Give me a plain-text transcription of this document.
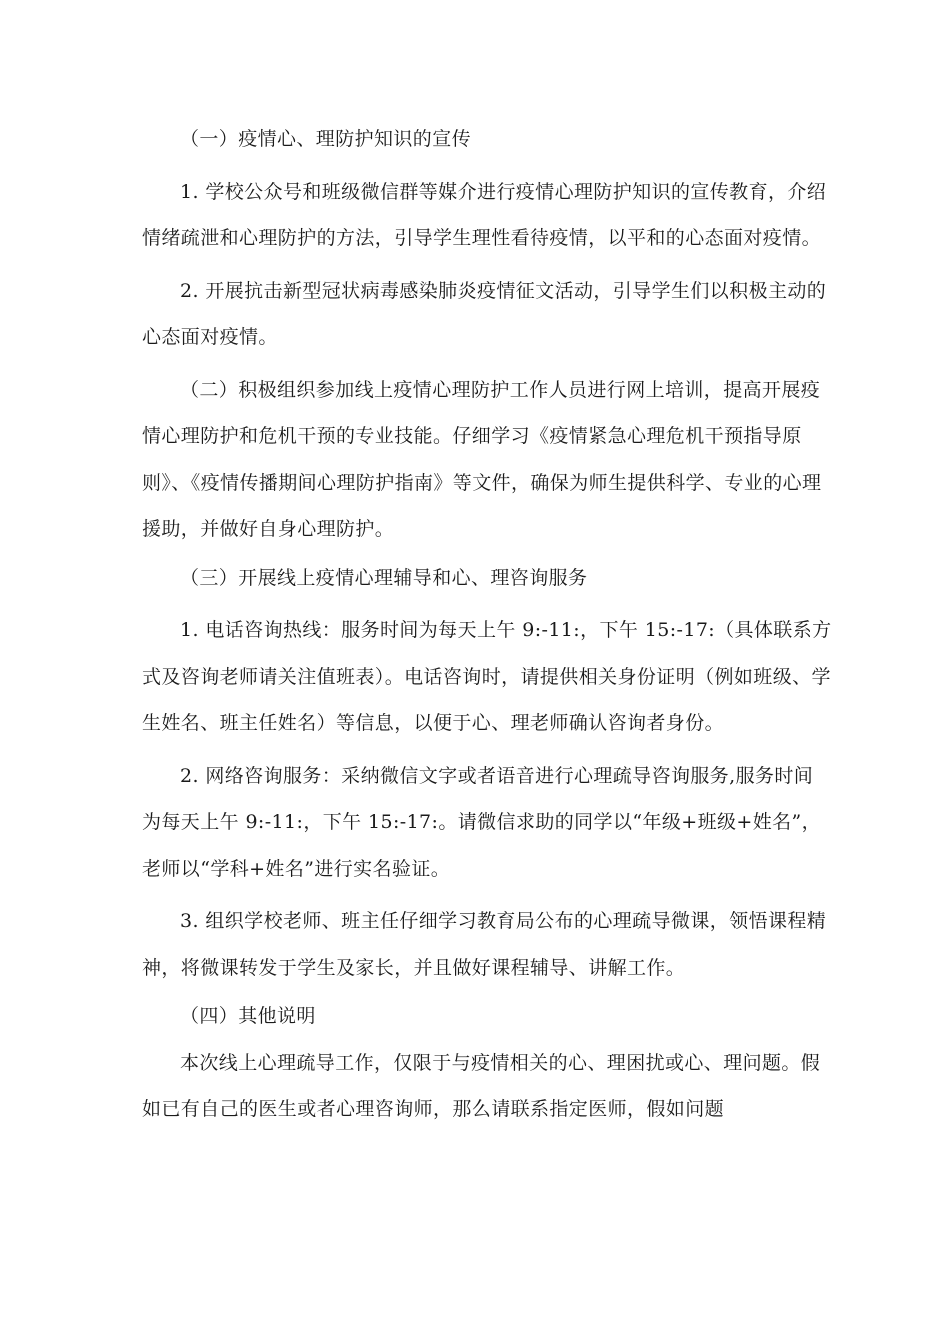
（一）疫情心、理防护知识的宣传

1. 学校公众号和班级微信群等媒介进行疫情心理防护知识的宣传教育，介绍情绪疏泄和心理防护的方法，引导学生理性看待疫情，以平和的心态面对疫情。

2. 开展抗击新型冠状病毒感染肺炎疫情征文活动，引导学生们以积极主动的心态面对疫情。

（二）积极组织参加线上疫情心理防护工作人员进行网上培训，提高开展疫情心理防护和危机干预的专业技能。仔细学习《疫情紧急心理危机干预指导原则》、《疫情传播期间心理防护指南》等文件，确保为师生提供科学、专业的心理援助，并做好自身心理防护。

（三）开展线上疫情心理辅导和心、理咨询服务

1. 电话咨询热线：服务时间为每天上午 9:-11:，下午 15:-17:（具体联系方式及咨询老师请关注值班表）。电话咨询时，请提供相关身份证明（例如班级、学生姓名、班主任姓名）等信息，以便于心、理老师确认咨询者身份。

2. 网络咨询服务：采纳微信文字或者语音进行心理疏导咨询服务,服务时间为每天上午 9:-11:，下午 15:-17:。请微信求助的同学以“年级+班级+姓名”，老师以“学科+姓名”进行实名验证。

3. 组织学校老师、班主任仔细学习教育局公布的心理疏导微课，领悟课程精神，将微课转发于学生及家长，并且做好课程辅导、讲解工作。

（四）其他说明

本次线上心理疏导工作，仅限于与疫情相关的心、理困扰或心、理问题。假如已有自己的医生或者心理咨询师，那么请联系指定医师，假如问题
